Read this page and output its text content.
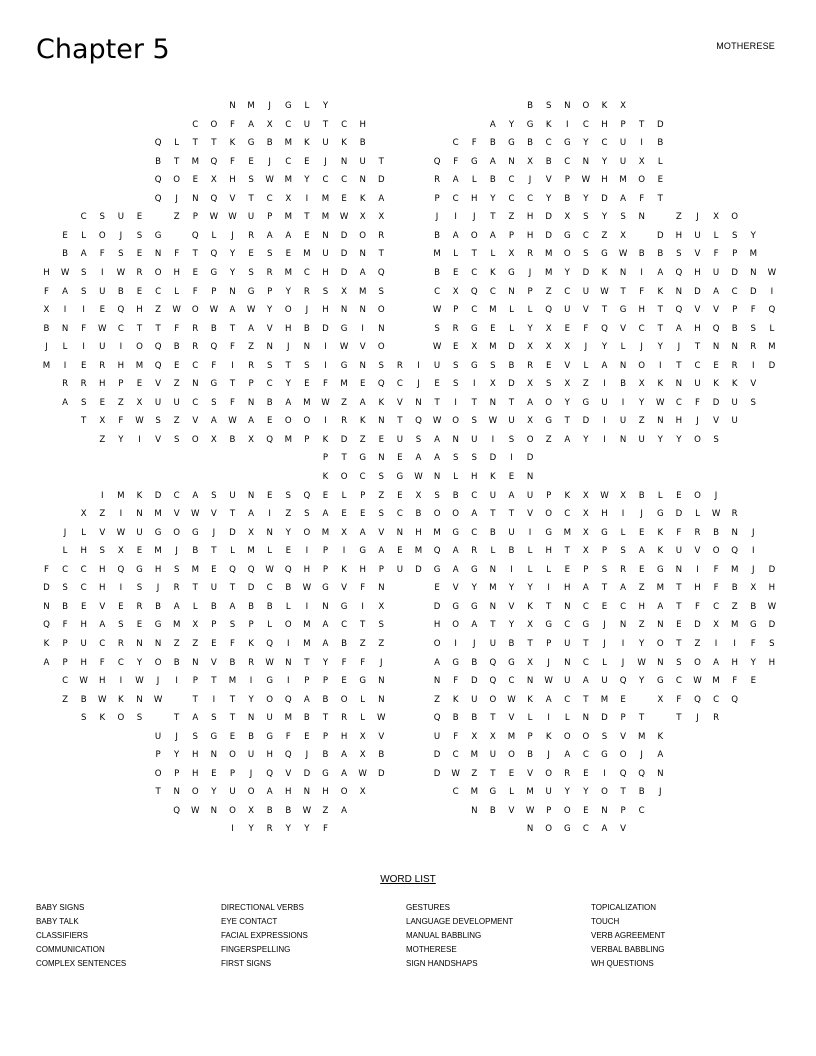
Chapter 5	MOTHERESE
N	M	J	G	L	Y	B	S	N	O	K	X
C	O	F	A	X	C	U	T	C	H	A	Y	G	K	I	C	H	P	T	D
Q	L	T	T	K	G	B	M	K	U	K	B	C	F	B	G	B	C	G	Y	C	U	I	B
B	T	M	Q	F	E	J	C	E	J	N	U	T	Q	F	G	A	N	X	B	C	N	Y	U	X	L
Q	O	E	X	H	S	W	M	Y	C	C	N	D	R	A	L	B	C	J	V	P	W	H	M	O	E
Q	J	N	Q	V	T	C	X	I	M	E	K	A	P	C	H	Y	C	C	Y	B	Y	D	A	F	T
C	S	U	E	Z	P	W	W	U	P	M	T	M	W	X	X	J	I	J	T	Z	H	D	X	S	Y	S	N	Z	J	X	O
E	L	O	J	S	G	Q	L	J	R	A	A	E	N	D	O	R	B	A	O	A	P	H	D	G	C	Z	X	D	H	U	L	S	Y
B	A	F	S	E	N	F	T	Q	Y	E	S	E	M	U	D	N	T	M	L	T	L	X	R	M	O	S	G	W	B	B	S	V	F	P	M
H	W	S	I	W	R	O	H	E	G	Y	S	R	M	C	H	D	A	Q	B	E	C	K	G	J	M	Y	D	K	N	I	A	Q	H	U	D	N	W
F	A	S	U	B	E	C	L	F	P	N	G	P	Y	R	S	X	M	S	C	X	Q	C	N	P	Z	C	U	W	T	F	K	N	D	A	C	D	I
X	I	I	E	Q	H	Z	W	O	W	A	W	Y	O	J	H	N	N	O	W	P	C	M	L	L	Q	U	V	T	G	H	T	Q	V	V	P	F	Q
B	N	F	W	C	T	T	F	R	B	T	A	V	H	B	D	G	I	N	S	R	G	E	L	Y	X	E	F	Q	V	C	T	A	H	Q	B	S	L
J	L	I	U	I	O	Q	B	R	Q	F	Z	N	J	N	I	W	V	O	W	E	X	M	D	X	X	X	J	Y	L	J	Y	J	T	N	N	R	M
M	I	E	R	H	M	Q	E	C	F	I	R	S	T	S	I	G	N	S	R	I	U	S	G	S	B	R	E	V	L	A	N	O	I	T	C	E	R	I	D
R	R	H	P	E	V	Z	N	G	T	P	C	Y	E	F	M	E	Q	C	J	E	S	I	X	D	X	S	X	Z	I	B	X	K	N	U	K	K	V
A	S	E	Z	X	U	U	C	S	F	N	B	A	M	W	Z	A	K	V	N	T	I	T	N	T	A	O	Y	G	U	I	Y	W	C	F	D	U	S
T	X	F	W	S	Z	V	A	W	A	E	O	O	I	R	K	N	T	Q	W	O	S	W	U	X	G	T	D	I	U	Z	N	H	J	V	U
Z	Y	I	V	S	O	X	B	X	Q	M	P	K	D	Z	E	U	S	A	N	U	I	S	O	Z	A	Y	I	N	U	Y	Y	O	S
P	T	G	N	E	A	A	S	S	D	I	D
K	O	C	S	G	W	N	L	H	K	E	N
I	M	K	D	C	A	S	U	N	E	S	Q	E	L	P	Z	E	X	S	B	C	U	A	U	P	K	X	W	X	B	L	E	O	J
X	Z	I	N	M	V	W	V	T	A	I	Z	S	A	E	E	S	C	B	O	O	A	T	T	V	O	C	X	H	I	J	G	D	L	W	R
J	L	V	W	U	G	O	G	J	D	X	N	Y	O	M	X	A	V	N	H	M	G	C	B	U	I	G	M	X	G	L	E	K	F	R	B	N	J
L	H	S	X	E	M	J	B	T	L	M	L	E	I	P	I	G	A	E	M	Q	A	R	L	B	L	H	T	X	P	S	A	K	U	V	O	Q	I
F	C	C	H	Q	G	H	S	M	E	Q	Q	W	Q	H	P	K	H	P	U	D	G	A	G	N	I	L	L	E	P	S	R	E	G	N	I	F	M	J	D
D	S	C	H	I	S	J	R	T	U	T	D	C	B	W	G	V	F	N	E	V	Y	M	Y	Y	I	H	A	T	A	Z	M	T	H	F	B	X	H
N	B	E	V	E	R	B	A	L	B	A	B	B	L	I	N	G	I	X	D	G	G	N	V	K	T	N	C	E	C	H	A	T	F	C	Z	B	W
Q	F	H	A	S	E	G	M	X	P	S	P	L	O	M	A	C	T	S	H	O	A	T	Y	X	G	C	G	J	N	Z	N	E	D	X	M	G	D
K	P	U	C	R	N	N	Z	Z	E	F	K	Q	I	M	A	B	Z	Z	O	I	J	U	B	T	P	U	T	J	I	Y	O	T	Z	I	I	F	S
A	P	H	F	C	Y	O	B	N	V	B	R	W	N	T	Y	F	F	J	A	G	B	Q	G	X	J	N	C	L	J	W	N	S	O	A	H	Y	H
C	W	H	I	W	J	I	P	T	M	I	G	I	P	P	E	G	N	N	F	D	Q	C	N	W	U	A	U	Q	Y	G	C	W	M	F	E
Z	B	W	K	N	W	T	I	T	Y	O	Q	A	B	O	L	N	Z	K	U	O	W	K	A	C	T	M	E	X	F	Q	C	Q
S	K	O	S	T	A	S	T	N	U	M	B	T	R	L	W	Q	B	B	T	V	L	I	L	N	D	P	T	T	J	R
U	J	S	G	E	B	G	F	E	P	H	X	V	U	F	X	X	M	P	K	O	O	S	V	M	K
P	Y	H	N	O	U	H	Q	J	B	A	X	B	D	C	M	U	O	B	J	A	C	G	O	J	A
O	P	H	E	P	J	Q	V	D	G	A	W	D	D	W	Z	T	E	V	O	R	E	I	Q	Q	N
T	N	O	Y	U	O	A	H	N	H	O	X	C	M	G	L	M	U	Y	Y	O	T	B	J
Q	W	N	O	X	B	B	W	Z	A	N	B	V	W	P	O	E	N	P	C
I	Y	R	Y	Y	F	N	O	G	C	A	V
WORD LIST
BABY SIGNS
BABY TALK
CLASSIFIERS
COMMUNICATION
COMPLEX SENTENCES
DIRECTIONAL VERBS
EYE CONTACT
FACIAL EXPRESSIONS
FINGERSPELLING
FIRST SIGNS
GESTURES
LANGUAGE DEVELOPMENT
MANUAL BABBLING
MOTHERESE
SIGN HANDSHAPS
TOPICALIZATION
TOUCH
VERB AGREEMENT
VERBAL BABBLING
WH QUESTIONS
